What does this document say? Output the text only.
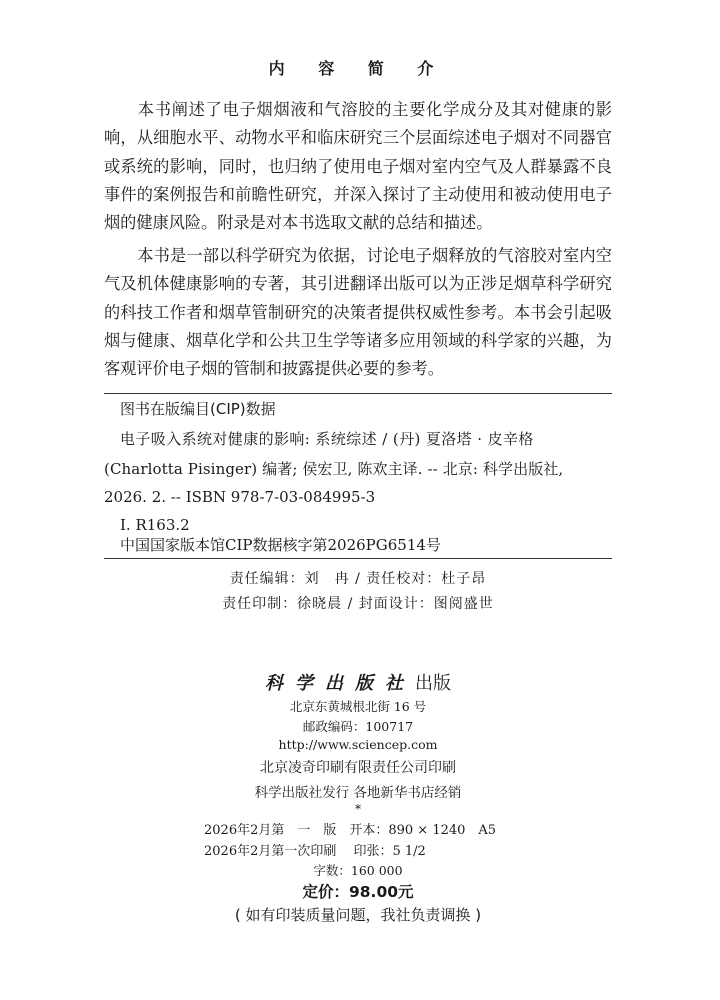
内 容 简 介
本书阐述了电子烟烟液和气溶胶的主要化学成分及其对健康的影响，从细胞水平、动物水平和临床研究三个层面综述电子烟对不同器官或系统的影响，同时，也归纳了使用电子烟对室内空气及人群暴露不良事件的案例报告和前瞻性研究，并深入探讨了主动使用和被动使用电子烟的健康风险。附录是对本书选取文献的总结和描述。
本书是一部以科学研究为依据，讨论电子烟释放的气溶胶对室内空气及机体健康影响的专著，其引进翻译出版可以为正涉足烟草科学研究的科技工作者和烟草管制研究的决策者提供权威性参考。本书会引起吸烟与健康、烟草化学和公共卫生学等诸多应用领域的科学家的兴趣，为客观评价电子烟的管制和披露提供必要的参考。
图书在版编目(CIP)数据
电子吸入系统对健康的影响: 系统综述 / (丹) 夏洛塔 · 皮辛格
(Charlotta Pisinger) 编著; 侯宏卫, 陈欢主译. -- 北京: 科学出版社,
2026. 2. -- ISBN 978-7-03-084995-3
I. R163.2
中国国家版本馆CIP数据核字第2026PG6514号
责任编辑：刘　冉 / 责任校对：杜子昂
责任印制：徐晓晨 / 封面设计：图阅盛世
科学出版社出版
北京东黄城根北街 16 号
邮政编码：100717
http://www.sciencep.com
北京凌奇印刷有限责任公司印刷
科学出版社发行 各地新华书店经销
*
2026年2月第　一　版　开本：890 × 1240　A5
2026年2月第一次印刷　 印张：5 1/2
字数：160 000
定价：98.00元
( 如有印装质量问题，我社负责调换 )
